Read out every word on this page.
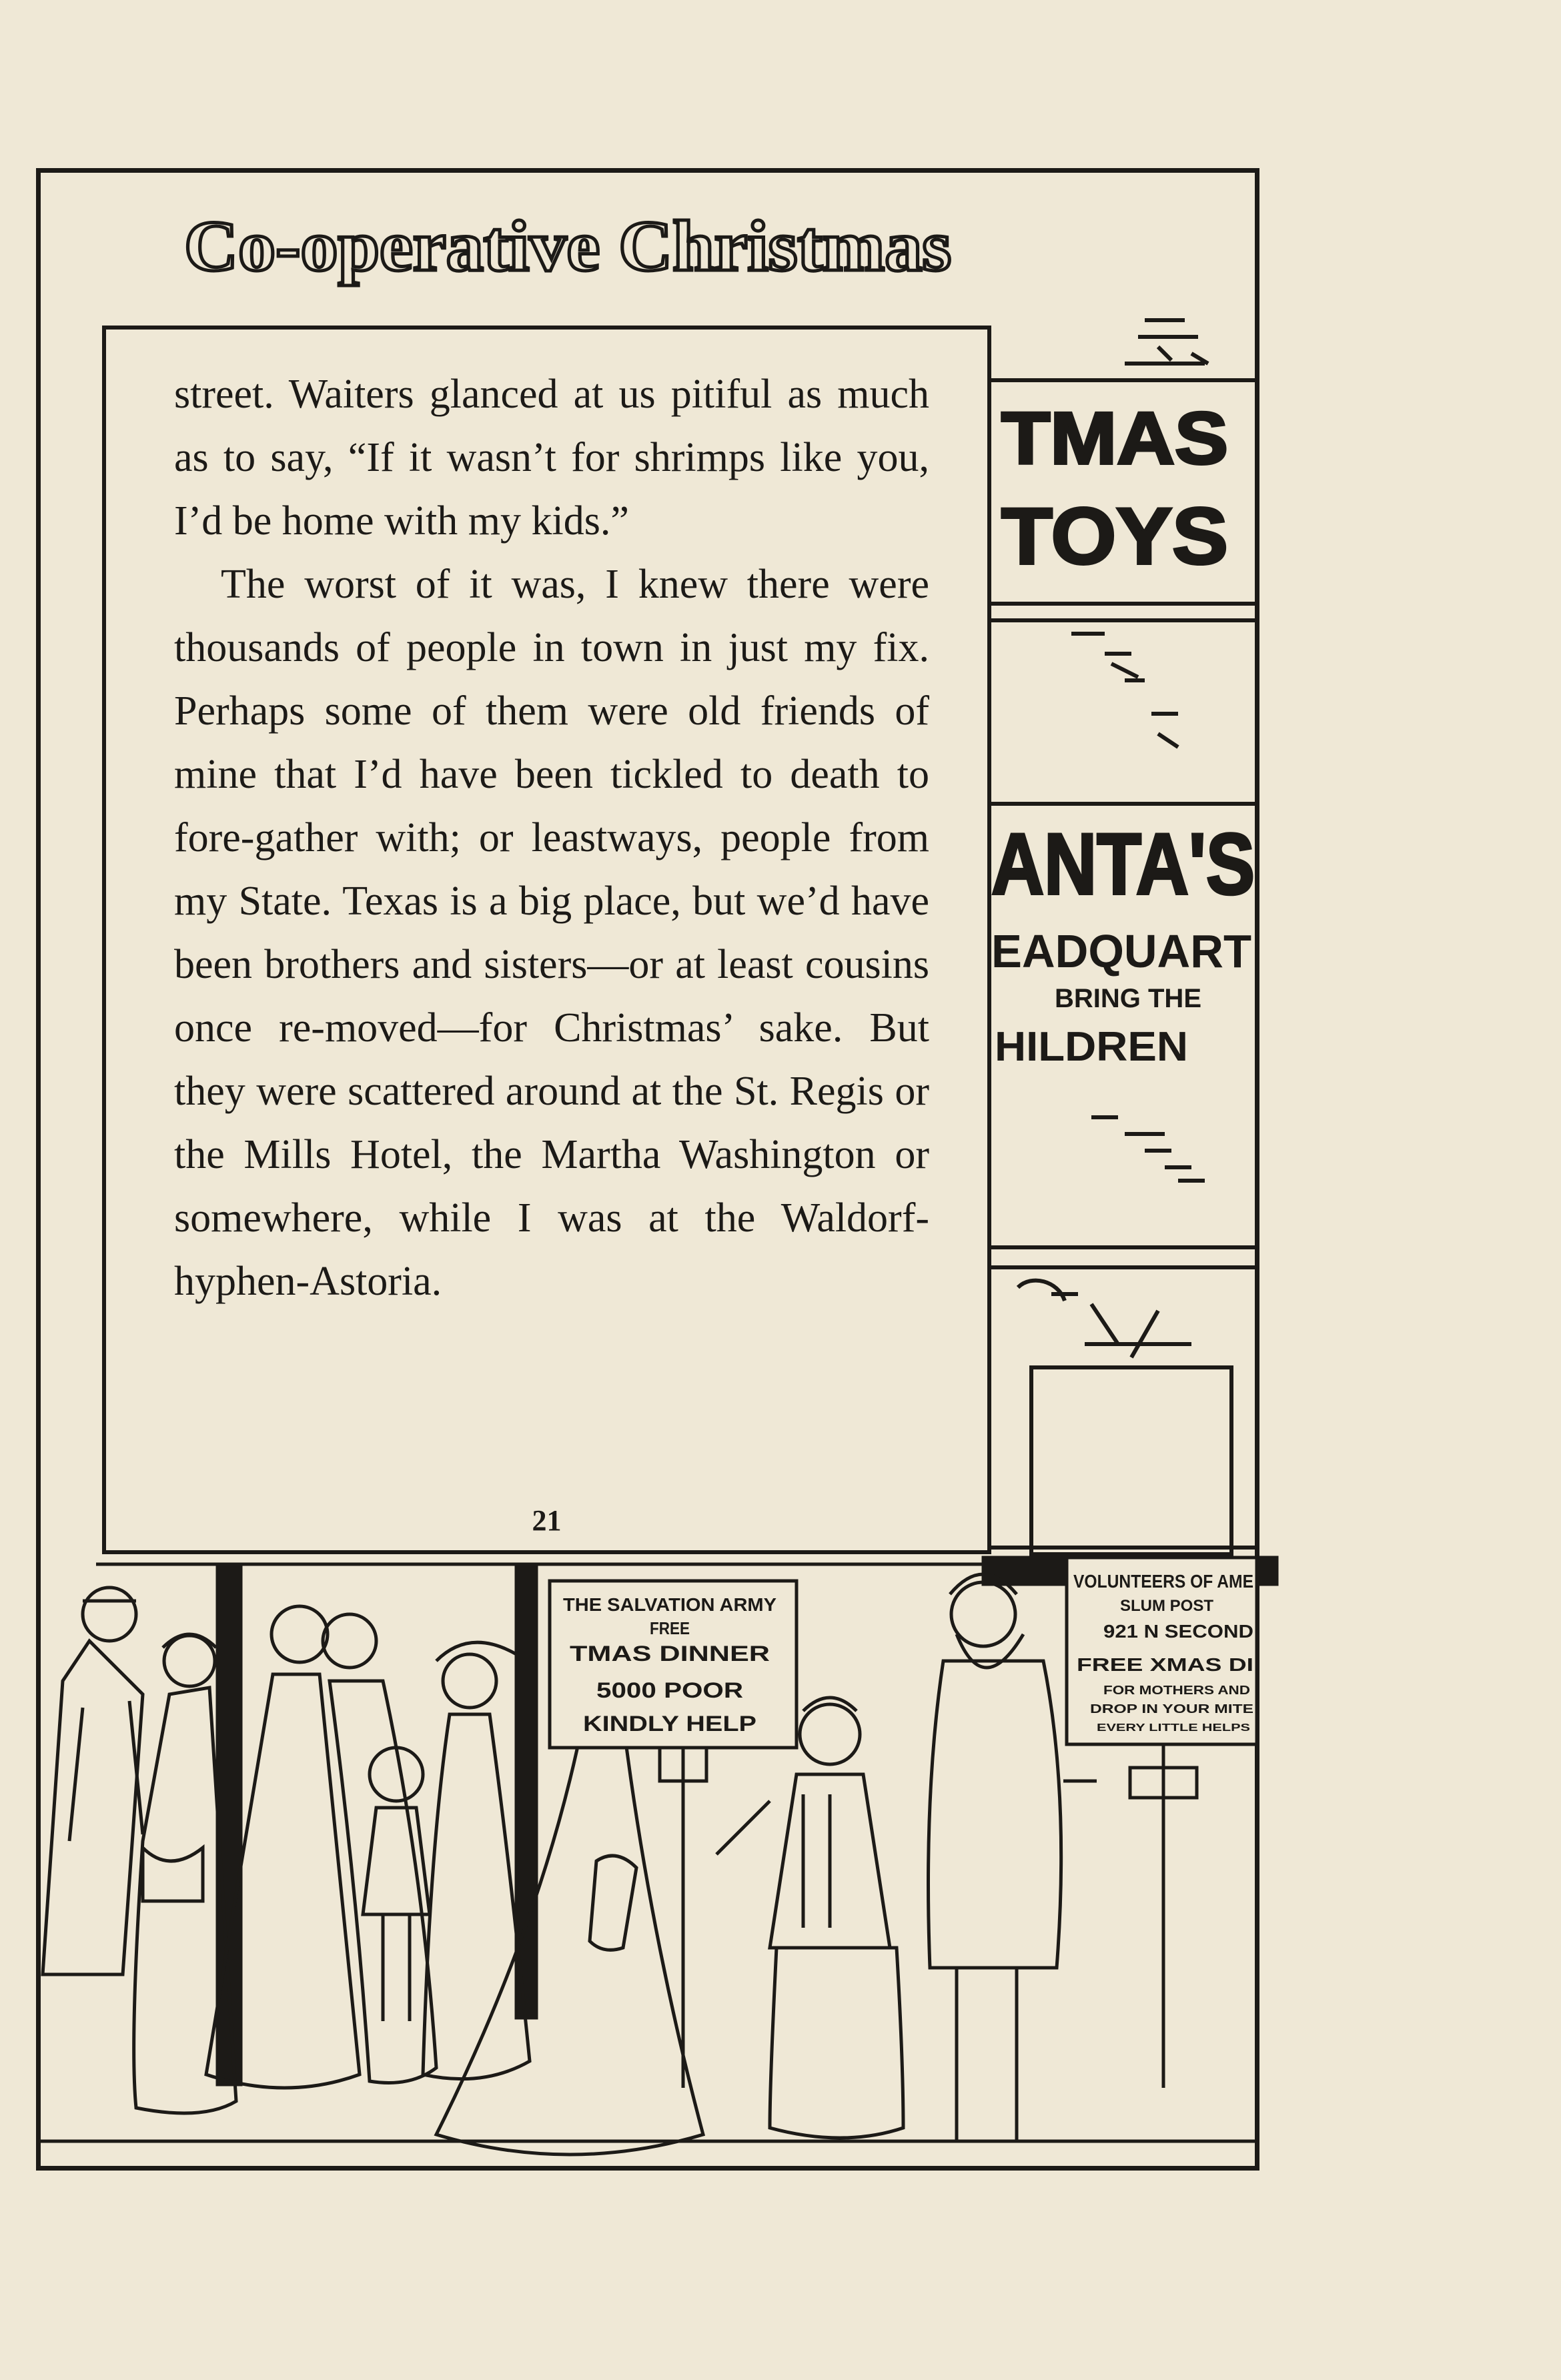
Co-operative Christmas

street. Waiters glanced at us pitiful as much as to say, “If it wasn’t for shrimps like you, I’d be home with my kids.”

The worst of it was, I knew there were thousands of people in town in just my fix. Perhaps some of them were old friends of mine that I’d have been tickled to death to fore-gather with; or leastways, people from my State. Texas is a big place, but we’d have been brothers and sisters—or at least cousins once re-moved—for Christmas’ sake. But they were scattered around at the St. Regis or the Mills Hotel, the Martha Washington or somewhere, while I was at the Waldorf-hyphen-Astoria.

21
TMAS
TOYS
ANTA'S
EADQUART
BRING THE
HILDREN
THE SALVATION ARMY
FREE
TMAS DINNER
5000 POOR
KINDLY HELP
VOLUNTEERS OF AME
SLUM POST
921 N SECOND
FREE XMAS DI
FOR MOTHERS AND
DROP IN YOUR MITE
EVERY LITTLE HELPS
